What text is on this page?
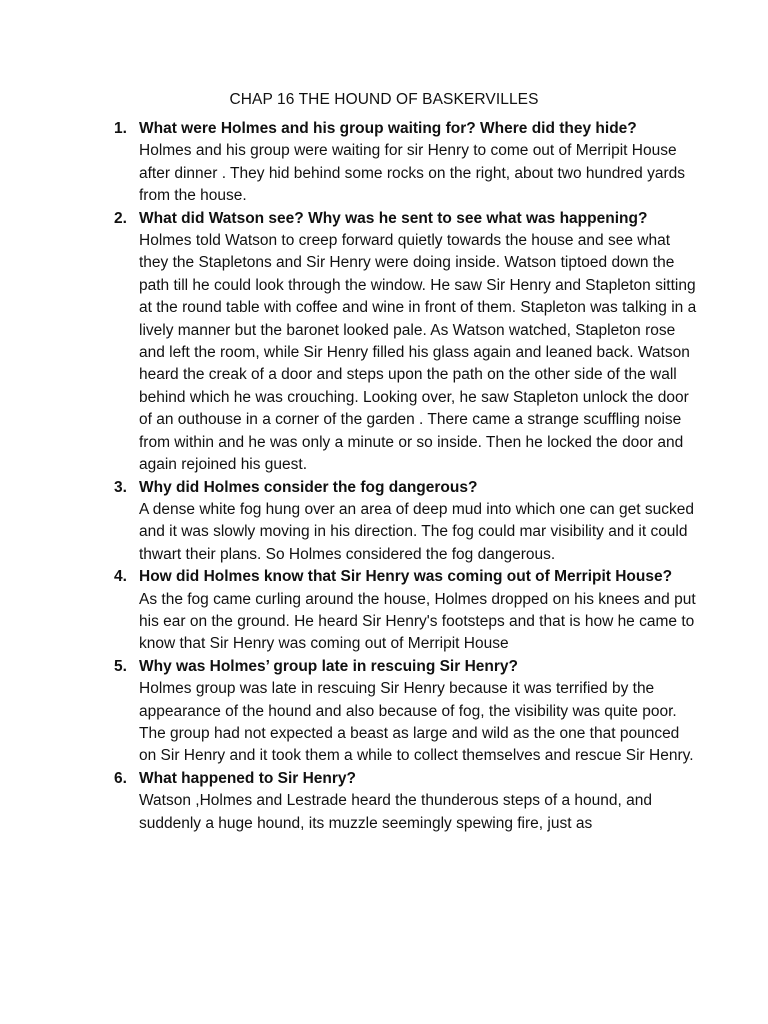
CHAP 16 THE HOUND OF BASKERVILLES
1. What were Holmes and his group waiting for? Where did they hide?
Holmes and his group were waiting for sir Henry to come out of Merripit House after dinner . They hid behind some rocks on the right, about two hundred yards from the house.
2. What did Watson see? Why was he sent to see what was happening?
Holmes told Watson to creep forward quietly towards the house and see what they the Stapletons and Sir Henry were doing inside. Watson tiptoed down the path till he could look through the window. He saw Sir Henry and Stapleton sitting at the round table with coffee and wine in front of them. Stapleton was talking in a lively manner but the baronet looked pale. As Watson watched, Stapleton rose and left the room, while Sir Henry filled his glass again and leaned back. Watson heard the creak of a door and steps upon the path on the other side of the wall behind which he was crouching. Looking over, he saw Stapleton unlock the door of an outhouse in a corner of the garden . There came a strange scuffling noise from within and he was only a minute or so inside. Then he locked the door and again rejoined his guest.
3. Why did Holmes consider the fog dangerous?
A dense white fog hung over an area of deep mud into which one can get sucked and it was slowly moving in his direction. The fog could mar visibility and it could thwart their plans. So Holmes considered the fog dangerous.
4. How did Holmes know that Sir Henry was coming out of Merripit House?
As the fog came curling around the house, Holmes dropped on his knees and put his ear on the ground. He heard Sir Henry's footsteps and that is how he came to know that Sir Henry was coming out of Merripit House
5. Why was Holmes’ group late in rescuing Sir Henry?
Holmes group was late in rescuing Sir Henry because it was terrified by the appearance of the hound and also because of fog, the visibility was quite poor. The group had not expected a beast as large and wild as the one that pounced on Sir Henry and it took them a while to collect themselves and rescue Sir Henry.
6. What happened to Sir Henry?
Watson ,Holmes and Lestrade heard the thunderous steps of a hound, and suddenly a huge hound, its muzzle seemingly spewing fire, just as
